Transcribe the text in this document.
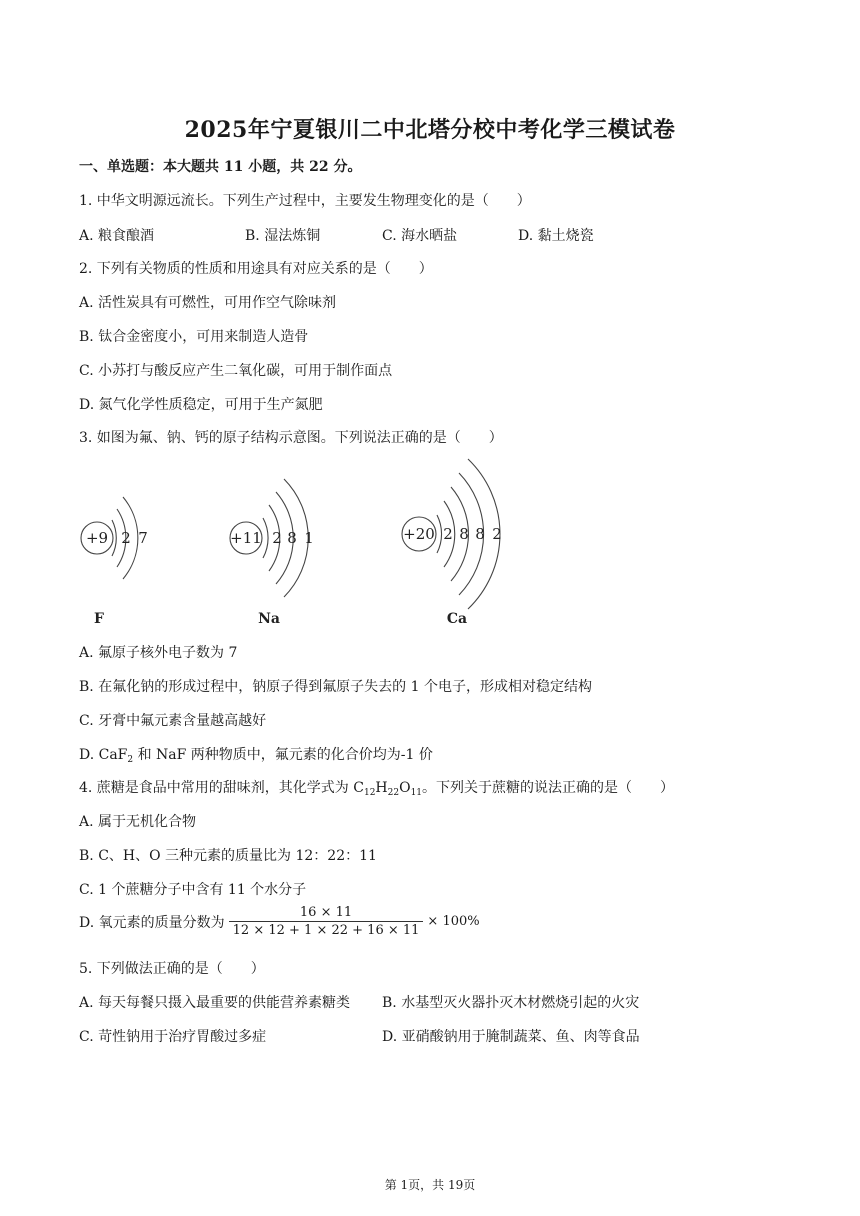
2025年宁夏银川二中北塔分校中考化学三模试卷
一、单选题：本大题共 11 小题，共 22 分。
1. 中华文明源远流长。下列生产过程中，主要发生物理变化的是（　　）
A. 粮食酿酒	B. 湿法炼铜	C. 海水晒盐	D. 黏土烧瓷
2. 下列有关物质的性质和用途具有对应关系的是（　　）
A. 活性炭具有可燃性，可用作空气除味剂
B. 钛合金密度小，可用来制造人造骨
C. 小苏打与酸反应产生二氧化碳，可用于制作面点
D. 氮气化学性质稳定，可用于生产氮肥
3. 如图为氟、钠、钙的原子结构示意图。下列说法正确的是（　　）
+9 2 7
F
+11 2 8 1
Na
+20 2 8 8 2
Ca
A. 氟原子核外电子数为 7
B. 在氟化钠的形成过程中，钠原子得到氟原子失去的 1 个电子，形成相对稳定结构
C. 牙膏中氟元素含量越高越好
D. CaF$_2$ 和 NaF 两种物质中，氟元素的化合价均为-1 价
4. 蔗糖是食品中常用的甜味剂，其化学式为 $C_{12}H_{22}O_{11}$。下列关于蔗糖的说法正确的是（　　）
A. 属于无机化合物
B. C、H、O 三种元素的质量比为 12：22：11
C. 1 个蔗糖分子中含有 11 个水分子
D. 氧元素的质量分数为 $\frac{16 \times 11}{12 \times 12 + 1 \times 22 + 16 \times 11} \times 100\%$
5. 下列做法正确的是（　　）
A. 每天每餐只摄入最重要的供能营养素糖类 B. 水基型灭火器扑灭木材燃烧引起的火灾
C. 苛性钠用于治疗胃酸过多症	D. 亚硝酸钠用于腌制蔬菜、鱼、肉等食品
第 1页，共 19页
